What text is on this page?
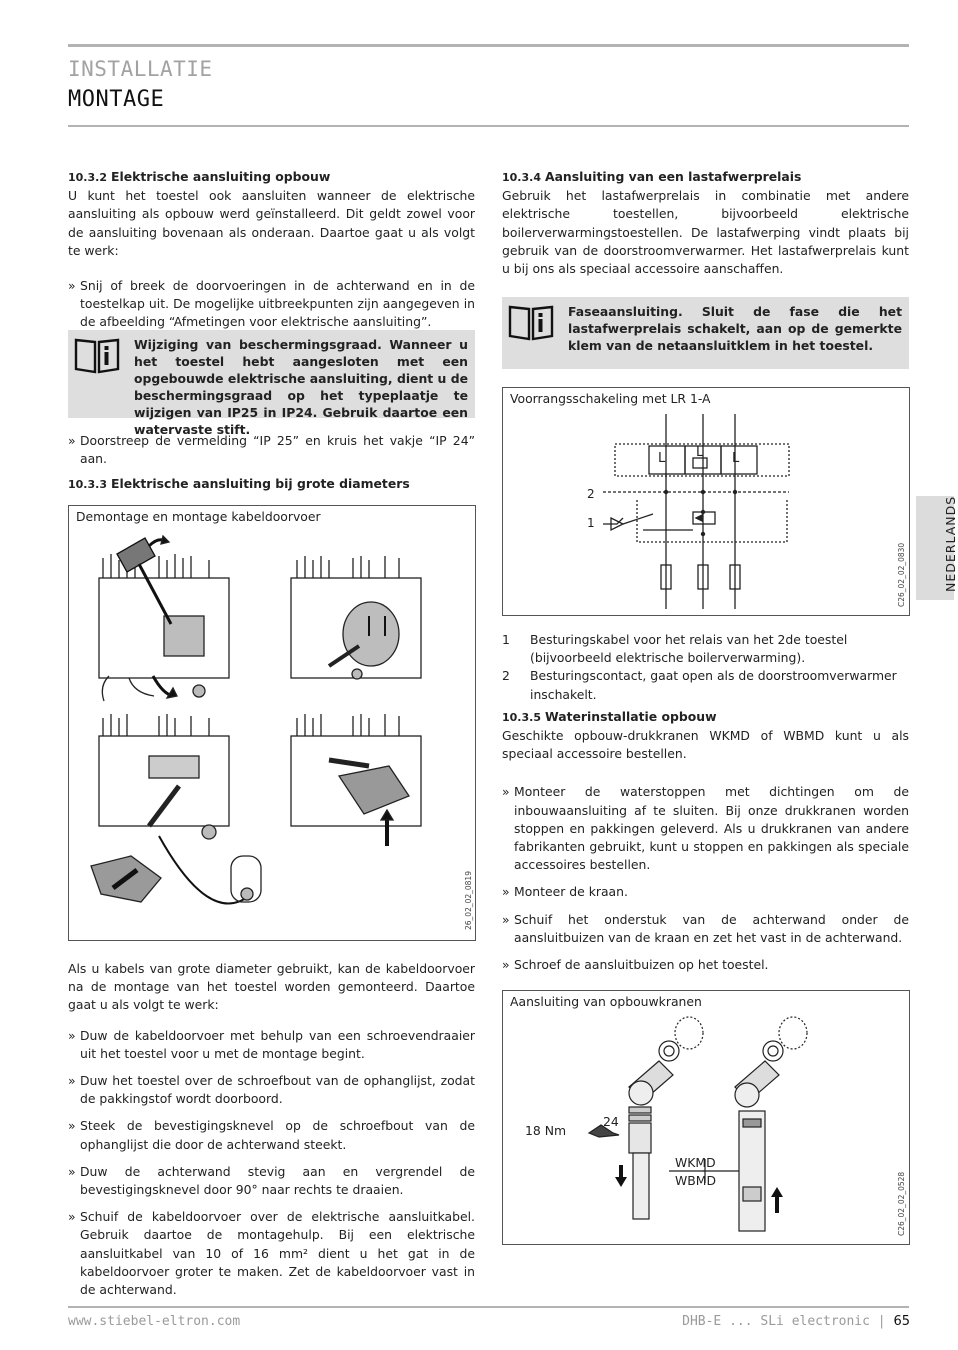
INSTALLATIE
MONTAGE

10.3.2 Elektrische aansluiting opbouw

U kunt het toestel ook aansluiten wanneer de elektrische aansluiting als opbouw werd geïnstalleerd. Dit geldt zowel voor de aansluiting bovenaan als onderaan. Daartoe gaat u als volgt te werk:

» Snij of breek de doorvoeringen in de achterwand en in de toestelkap uit. De mogelijke uitbreekpunten zijn aangegeven in de afbeelding “Afmetingen voor elektrische aansluiting”.
Wijziging van beschermingsgraad. Wanneer u het toestel hebt aangesloten met een opgebouwde elektrische aansluiting, dient u de beschermingsgraad op het typeplaatje te wijzigen van IP25 in IP24. Gebruik daartoe een watervaste stift.
» Doorstreep de vermelding “IP 25” en kruis het vakje “IP 24” aan.

10.3.3 Elektrische aansluiting bij grote diameters

Demontage en montage kabeldoorvoer
26_02_02_0819

Als u kabels van grote diameter gebruikt, kan de kabeldoorvoer na de montage van het toestel worden gemonteerd. Daartoe gaat u als volgt te werk:

» Duw de kabeldoorvoer met behulp van een schroevendraaier uit het toestel voor u met de montage begint.
» Duw het toestel over de schroefbout van de ophanglijst, zodat de pakkingstof wordt doorboord.
» Steek de bevestigingsknevel op de schroefbout van de ophanglijst die door de achterwand steekt.
» Duw de achterwand stevig aan en vergrendel de bevestigingsknevel door 90° naar rechts te draaien.
» Schuif de kabeldoorvoer over de elektrische aansluitkabel. Gebruik daartoe de montagehulp. Bij een elektrische aansluitkabel van 10 of 16 mm² dient u het gat in de kabeldoorvoer groter te maken. Zet de kabeldoorvoer vast in de achterwand.

10.3.4 Aansluiting van een lastafwerprelais

Gebruik het lastafwerprelais in combinatie met andere elektrische toestellen, bijvoorbeeld elektrische boilerverwarmingstoestellen. De lastafwerping vindt plaats bij gebruik van de doorstroomverwarmer. Het lastafwerprelais kunt u bij ons als speciaal accessoire aanschaffen.

Faseaansluiting. Sluit de fase die het lastafwerprelais schakelt, aan op de gemerkte klem van de netaansluitklem in het toestel.
Voorrangsschakeling met LR 1-A
L L L
2
1
C26_02_02_0830
1	Besturingskabel voor het relais van het 2de toestel (bijvoorbeeld elektrische boilerverwarming).
2	Besturingscontact, gaat open als de doorstroomverwarmer inschakelt.

10.3.5 Waterinstallatie opbouw

Geschikte opbouw-drukkranen WKMD of WBMD kunt u als speciaal accessoire bestellen.

» Monteer de waterstoppen met dichtingen om de inbouwaansluiting af te sluiten. Bij onze drukkranen worden stoppen en pakkingen geleverd. Als u drukkranen van andere fabrikanten gebruikt, kunt u stoppen en pakkingen als speciale accessoires bestellen.
» Monteer de kraan.
» Schuif het onderstuk van de achterwand onder de aansluitbuizen van de kraan en zet het vast in de achterwand.
» Schroef de aansluitbuizen op het toestel.
Aansluiting van opbouwkranen
18 Nm
24
WKMD
WBMD	C26_02_02_0528
NEDERLANDS
www.stiebel-eltron.com	DHB-E ... SLi electronic | 65
